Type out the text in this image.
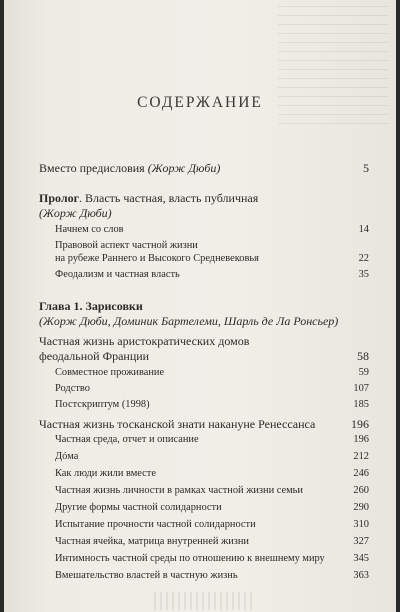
СОДЕРЖАНИЕ
Вместо предисловия (Жорж Дюби)	5
Пролог. Власть частная, власть публичная
(Жорж Дюби)
Начнем со слов	14
Правовой аспект частной жизни
на рубеже Раннего и Высокого Средневековья	22
Феодализм и частная власть	35
Глава 1. Зарисовки
(Жорж Дюби, Доминик Бартелеми, Шарль де Ла Ронсьер)
Частная жизнь аристократических домов
феодальной Франции	58
Совместное проживание	59
Родство	107
Постскриптум (1998)	185
Частная жизнь тосканской знати накануне Ренессанса	196
Частная среда, отчет и описание	196
Дóма	212
Как люди жили вместе	246
Частная жизнь личности в рамках частной жизни семьи	260
Другие формы частной солидарности	290
Испытание прочности частной солидарности	310
Частная ячейка, матрица внутренней жизни	327
Интимность частной среды по отношению к внешнему миру	345
Вмешательство властей в частную жизнь	363
